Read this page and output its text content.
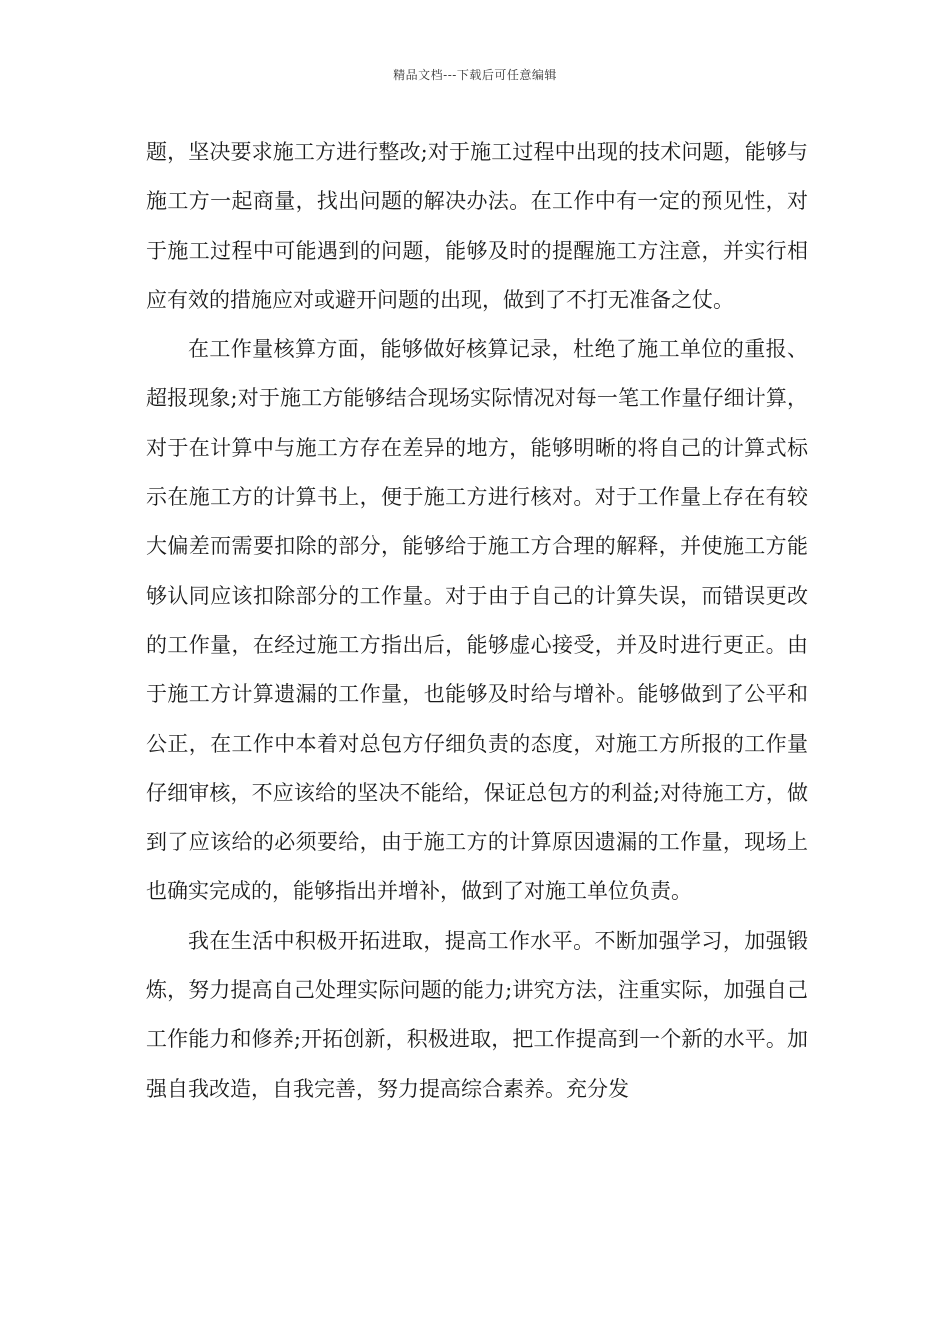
精品文档---下载后可任意编辑

题，坚决要求施工方进行整改;对于施工过程中出现的技术问题，能够与施工方一起商量，找出问题的解决办法。在工作中有一定的预见性，对于施工过程中可能遇到的问题，能够及时的提醒施工方注意，并实行相应有效的措施应对或避开问题的出现，做到了不打无准备之仗。

在工作量核算方面，能够做好核算记录，杜绝了施工单位的重报、超报现象;对于施工方能够结合现场实际情况对每一笔工作量仔细计算，对于在计算中与施工方存在差异的地方，能够明晰的将自己的计算式标示在施工方的计算书上，便于施工方进行核对。对于工作量上存在有较大偏差而需要扣除的部分，能够给于施工方合理的解释，并使施工方能够认同应该扣除部分的工作量。对于由于自己的计算失误，而错误更改的工作量，在经过施工方指出后，能够虚心接受，并及时进行更正。由于施工方计算遗漏的工作量，也能够及时给与增补。能够做到了公平和公正，在工作中本着对总包方仔细负责的态度，对施工方所报的工作量仔细审核，不应该给的坚决不能给，保证总包方的利益;对待施工方，做到了应该给的必须要给，由于施工方的计算原因遗漏的工作量，现场上也确实完成的，能够指出并增补，做到了对施工单位负责。

我在生活中积极开拓进取，提高工作水平。不断加强学习，加强锻炼，努力提高自己处理实际问题的能力;讲究方法，注重实际，加强自己工作能力和修养;开拓创新，积极进取，把工作提高到一个新的水平。加强自我改造，自我完善，努力提高综合素养。充分发
